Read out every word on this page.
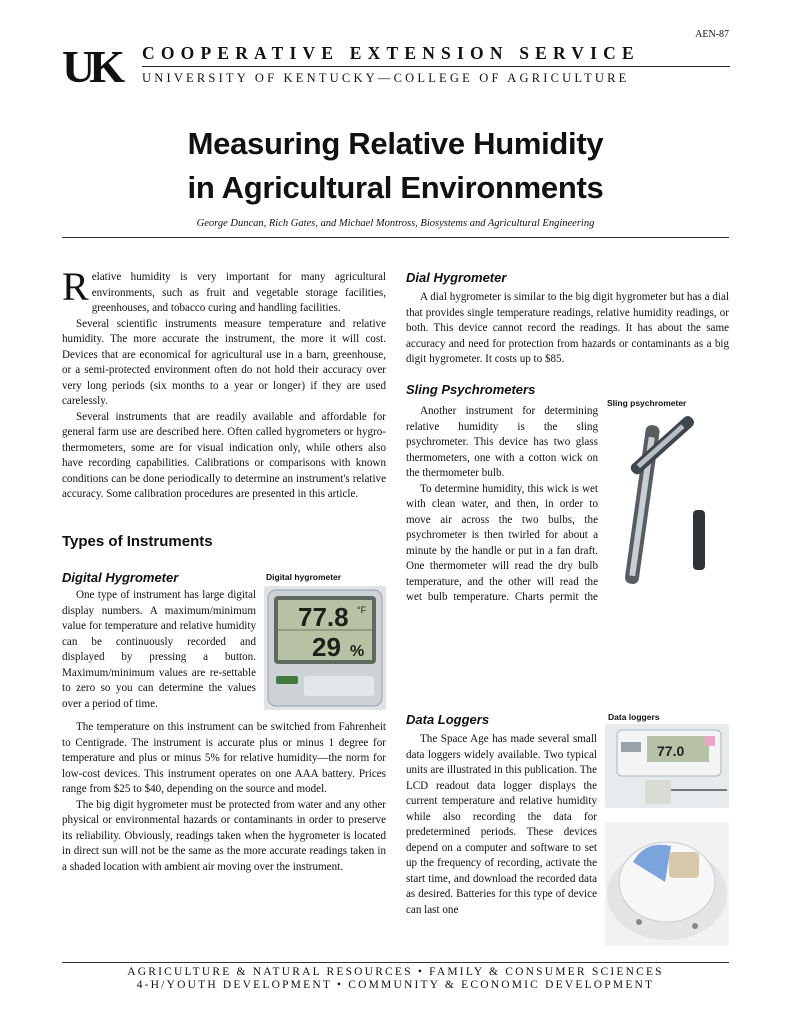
AEN-87
UK	COOPERATIVE EXTENSION SERVICE
UNIVERSITY OF KENTUCKY—COLLEGE OF AGRICULTURE
Measuring Relative Humidity
in Agricultural Environments
George Duncan, Rich Gates, and Michael Montross, Biosystems and Agricultural Engineering

Relative humidity is very important for many agricultural environments, such as fruit and vegetable storage facilities, greenhouses, and tobacco curing and handling facilities.

Several scientific instruments measure temperature and relative humidity. The more accurate the instrument, the more it will cost. Devices that are economical for agricultural use in a barn, greenhouse, or a semi-protected environment often do not hold their accuracy over very long periods (six months to a year or longer) if they are used carelessly.

Several instruments that are readily available and affordable for general farm use are described here. Often called hygrometers or hygro-thermometers, some are for visual indication only, while others also have recording capabilities. Calibrations or comparisons with known conditions can be done periodically to determine an instrument's relative accuracy. Some calibration procedures are presented in this article.

Types of Instruments
Digital Hygrometer	Digital hygrometer
77.8 °F
29 %

One type of instrument has large digital display numbers. A maximum/minimum value for temperature and relative humidity can be continuously recorded and displayed by pressing a button. Maximum/minimum values are re-settable to zero so you can determine the values over a period of time.

The temperature on this instrument can be switched from Fahrenheit to Centigrade. The instrument is accurate plus or minus 1 degree for temperature and plus or minus 5% for relative humidity—the norm for low-cost devices. This instrument operates on one AAA battery. Prices range from $25 to $40, depending on the source and model.

The big digit hygrometer must be protected from water and any other physical or environmental hazards or contaminants in order to preserve its reliability. Obviously, readings taken when the hygrometer is located in direct sun will not be the same as the more accurate readings taken in a shaded location with ambient air moving over the instrument.

Dial Hygrometer

A dial hygrometer is similar to the big digit hygrometer but has a dial that provides single temperature readings, relative humidity readings, or both. This device cannot record the readings. It has about the same accuracy and need for protection from hazards or contaminants as a big digit hygrometer. It costs up to $85.

Sling Psychrometers
Sling psychrometer

Another instrument for determining relative humidity is the sling psychrometer. This device has two glass thermometers, one with a cotton wick on the thermometer bulb.

To determine humidity, this wick is wet with clean water, and then, in order to move air across the two bulbs, the psychrometer is then twirled for about a minute by the handle or put in a fan draft. One thermometer will read the dry bulb temperature, and the other will read the wet bulb temperature. Charts permit the

Data Loggers	Data loggers
77.0

The Space Age has made several small data loggers widely available. Two typical units are illustrated in this publication. The LCD readout data logger displays the current temperature and relative humidity while also recording the data for predetermined periods. These devices depend on a computer and software to set up the frequency of recording, activate the start time, and download the recorded data as desired. Batteries for this type of device can last one

AGRICULTURE & NATURAL RESOURCES • FAMILY & CONSUMER SCIENCES
4-H/YOUTH DEVELOPMENT • COMMUNITY & ECONOMIC DEVELOPMENT
